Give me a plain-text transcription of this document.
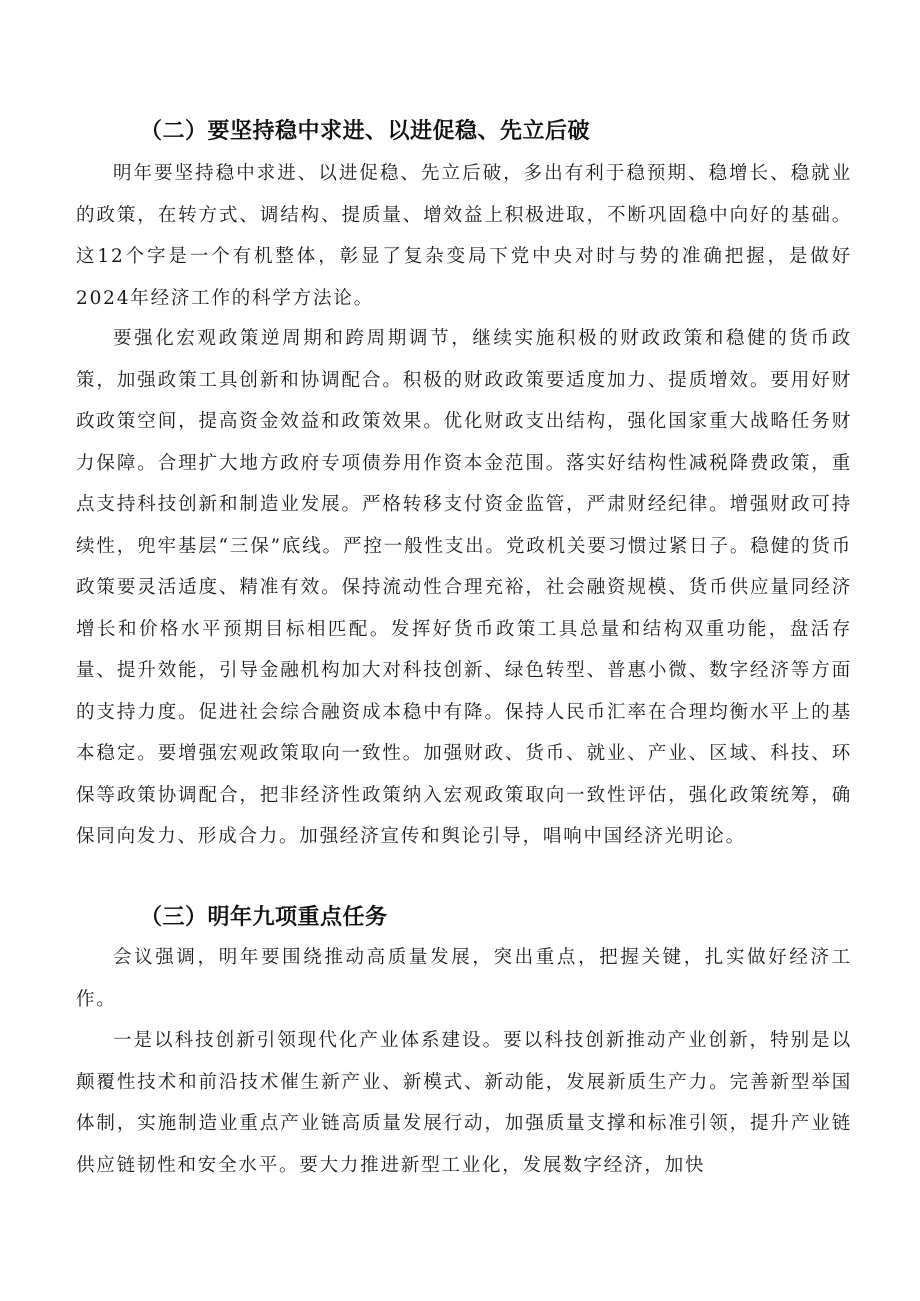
（二）要坚持稳中求进、以进促稳、先立后破

明年要坚持稳中求进、以进促稳、先立后破，多出有利于稳预期、稳增长、稳就业的政策，在转方式、调结构、提质量、增效益上积极进取，不断巩固稳中向好的基础。这12个字是一个有机整体，彰显了复杂变局下党中央对时与势的准确把握，是做好2024年经济工作的科学方法论。

要强化宏观政策逆周期和跨周期调节，继续实施积极的财政政策和稳健的货币政策，加强政策工具创新和协调配合。积极的财政政策要适度加力、提质增效。要用好财政政策空间，提高资金效益和政策效果。优化财政支出结构，强化国家重大战略任务财力保障。合理扩大地方政府专项债券用作资本金范围。落实好结构性减税降费政策，重点支持科技创新和制造业发展。严格转移支付资金监管，严肃财经纪律。增强财政可持续性，兜牢基层“三保”底线。严控一般性支出。党政机关要习惯过紧日子。稳健的货币政策要灵活适度、精准有效。保持流动性合理充裕，社会融资规模、货币供应量同经济增长和价格水平预期目标相匹配。发挥好货币政策工具总量和结构双重功能，盘活存量、提升效能，引导金融机构加大对科技创新、绿色转型、普惠小微、数字经济等方面的支持力度。促进社会综合融资成本稳中有降。保持人民币汇率在合理均衡水平上的基本稳定。要增强宏观政策取向一致性。加强财政、货币、就业、产业、区域、科技、环保等政策协调配合，把非经济性政策纳入宏观政策取向一致性评估，强化政策统筹，确保同向发力、形成合力。加强经济宣传和舆论引导，唱响中国经济光明论。

（三）明年九项重点任务

会议强调，明年要围绕推动高质量发展，突出重点，把握关键，扎实做好经济工作。

一是以科技创新引领现代化产业体系建设。要以科技创新推动产业创新，特别是以颠覆性技术和前沿技术催生新产业、新模式、新动能，发展新质生产力。完善新型举国体制，实施制造业重点产业链高质量发展行动，加强质量支撑和标准引领，提升产业链供应链韧性和安全水平。要大力推进新型工业化，发展数字经济，加快
